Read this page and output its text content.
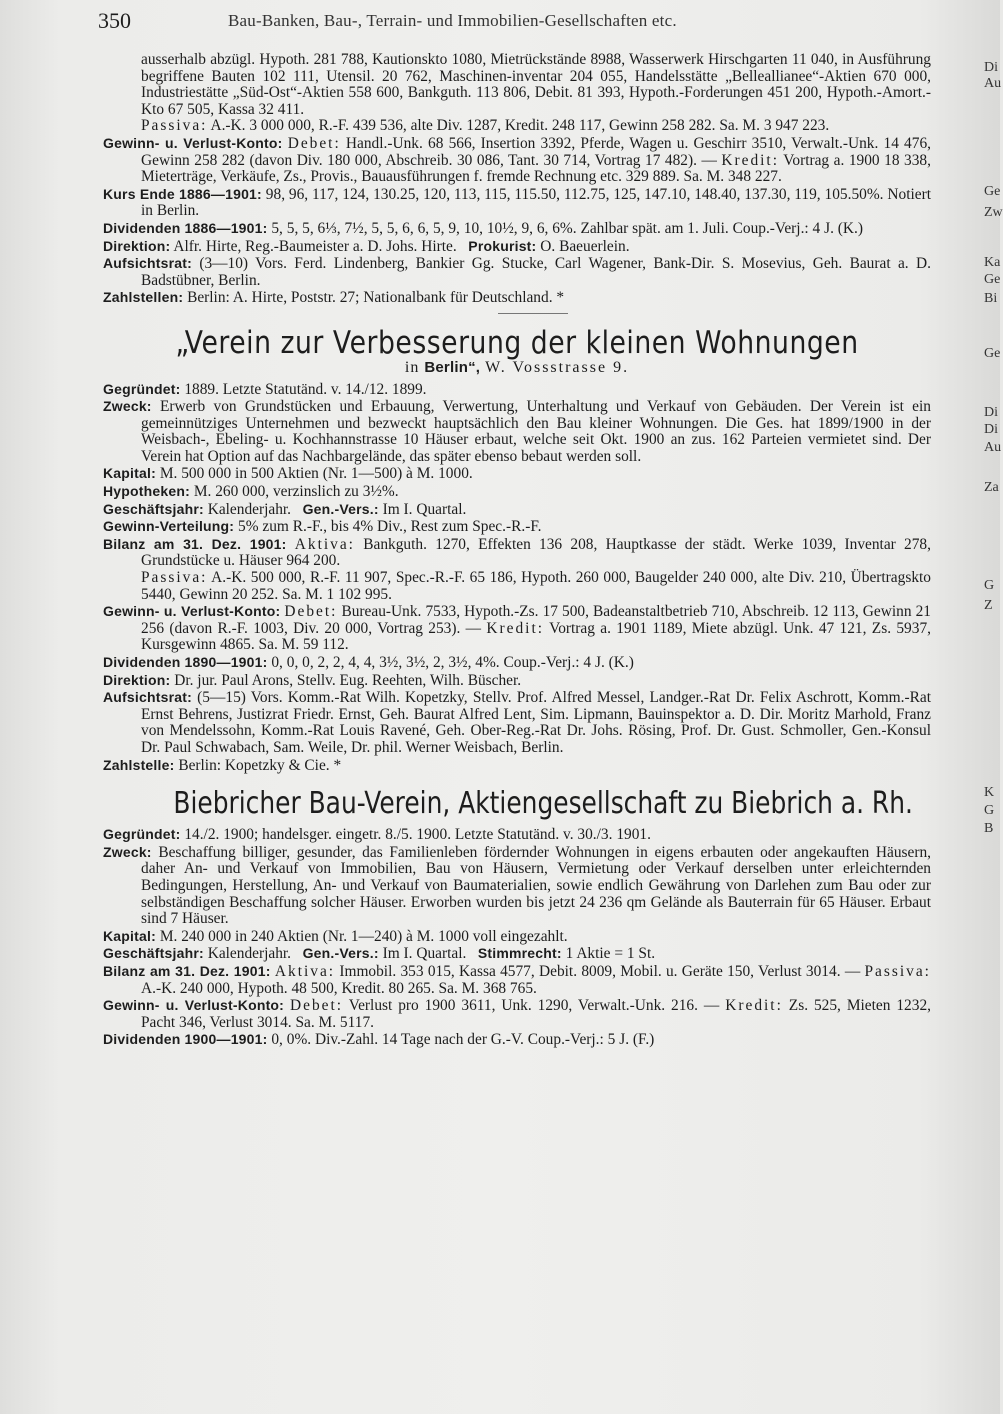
350	Bau-Banken, Bau-, Terrain- und Immobilien-Gesellschaften etc.

ausserhalb abzügl. Hypoth. 281 788, Kautionskto 1080, Mietrückstände 8988, Wasserwerk Hirschgarten 11 040, in Ausführung begriffene Bauten 102 111, Utensil. 20 762, Maschinen-inventar 204 055, Handelsstätte „Belleallianee“-Aktien 670 000, Industriestätte „Süd-Ost“-Aktien 558 600, Bankguth. 113 806, Debit. 81 393, Hypoth.-Forderungen 451 200, Hypoth.-Amort.-Kto 67 505, Kassa 32 411.

Passiva: A.-K. 3 000 000, R.-F. 439 536, alte Div. 1287, Kredit. 248 117, Gewinn 258 282. Sa. M. 3 947 223.

Gewinn- u. Verlust-Konto: Debet: Handl.-Unk. 68 566, Insertion 3392, Pferde, Wagen u. Geschirr 3510, Verwalt.-Unk. 14 476, Gewinn 258 282 (davon Div. 180 000, Abschreib. 30 086, Tant. 30 714, Vortrag 17 482). — Kredit: Vortrag a. 1900 18 338, Mieterträge, Verkäufe, Zs., Provis., Bauausführungen f. fremde Rechnung etc. 329 889. Sa. M. 348 227.

Kurs Ende 1886—1901: 98, 96, 117, 124, 130.25, 120, 113, 115, 115.50, 112.75, 125, 147.10, 148.40, 137.30, 119, 105.50%. Notiert in Berlin.

Dividenden 1886—1901: 5, 5, 5, 6⅓, 7½, 5, 5, 6, 6, 5, 9, 10, 10½, 9, 6, 6%. Zahlbar spät. am 1. Juli. Coup.-Verj.: 4 J. (K.)

Direktion: Alfr. Hirte, Reg.-Baumeister a. D. Johs. Hirte. Prokurist: O. Baeuerlein.

Aufsichtsrat: (3—10) Vors. Ferd. Lindenberg, Bankier Gg. Stucke, Carl Wagener, Bank-Dir. S. Mosevius, Geh. Baurat a. D. Badstübner, Berlin.

Zahlstellen: Berlin: A. Hirte, Poststr. 27; Nationalbank für Deutschland. *

„Verein zur Verbesserung der kleinen Wohnungen
in Berlin“, W. Vossstrasse 9.

Gegründet: 1889. Letzte Statutänd. v. 14./12. 1899.

Zweck: Erwerb von Grundstücken und Erbauung, Verwertung, Unterhaltung und Verkauf von Gebäuden. Der Verein ist ein gemeinnütziges Unternehmen und bezweckt hauptsächlich den Bau kleiner Wohnungen. Die Ges. hat 1899/1900 in der Weisbach-, Ebeling- u. Kochhannstrasse 10 Häuser erbaut, welche seit Okt. 1900 an zus. 162 Parteien vermietet sind. Der Verein hat Option auf das Nachbargelände, das später ebenso bebaut werden soll.

Kapital: M. 500 000 in 500 Aktien (Nr. 1—500) à M. 1000.

Hypotheken: M. 260 000, verzinslich zu 3½%.

Geschäftsjahr: Kalenderjahr. Gen.-Vers.: Im I. Quartal.

Gewinn-Verteilung: 5% zum R.-F., bis 4% Div., Rest zum Spec.-R.-F.

Bilanz am 31. Dez. 1901: Aktiva: Bankguth. 1270, Effekten 136 208, Hauptkasse der städt. Werke 1039, Inventar 278, Grundstücke u. Häuser 964 200.

Passiva: A.-K. 500 000, R.-F. 11 907, Spec.-R.-F. 65 186, Hypoth. 260 000, Baugelder 240 000, alte Div. 210, Übertragskto 5440, Gewinn 20 252. Sa. M. 1 102 995.

Gewinn- u. Verlust-Konto: Debet: Bureau-Unk. 7533, Hypoth.-Zs. 17 500, Badeanstaltbetrieb 710, Abschreib. 12 113, Gewinn 21 256 (davon R.-F. 1003, Div. 20 000, Vortrag 253). — Kredit: Vortrag a. 1901 1189, Miete abzügl. Unk. 47 121, Zs. 5937, Kursgewinn 4865. Sa. M. 59 112.

Dividenden 1890—1901: 0, 0, 0, 2, 2, 4, 4, 3½, 3½, 2, 3½, 4%. Coup.-Verj.: 4 J. (K.)

Direktion: Dr. jur. Paul Arons, Stellv. Eug. Reehten, Wilh. Büscher.

Aufsichtsrat: (5—15) Vors. Komm.-Rat Wilh. Kopetzky, Stellv. Prof. Alfred Messel, Landger.-Rat Dr. Felix Aschrott, Komm.-Rat Ernst Behrens, Justizrat Friedr. Ernst, Geh. Baurat Alfred Lent, Sim. Lipmann, Bauinspektor a. D. Dir. Moritz Marhold, Franz von Mendelssohn, Komm.-Rat Louis Ravené, Geh. Ober-Reg.-Rat Dr. Johs. Rösing, Prof. Dr. Gust. Schmoller, Gen.-Konsul Dr. Paul Schwabach, Sam. Weile, Dr. phil. Werner Weisbach, Berlin.

Zahlstelle: Berlin: Kopetzky & Cie. *

Biebricher Bau-Verein, Aktiengesellschaft zu Biebrich a. Rh.

Gegründet: 14./2. 1900; handelsger. eingetr. 8./5. 1900. Letzte Statutänd. v. 30./3. 1901.

Zweck: Beschaffung billiger, gesunder, das Familienleben fördernder Wohnungen in eigens erbauten oder angekauften Häusern, daher An- und Verkauf von Immobilien, Bau von Häusern, Vermietung oder Verkauf derselben unter erleichternden Bedingungen, Herstellung, An- und Verkauf von Baumaterialien, sowie endlich Gewährung von Darlehen zum Bau oder zur selbständigen Beschaffung solcher Häuser. Erworben wurden bis jetzt 24 236 qm Gelände als Bauterrain für 65 Häuser. Erbaut sind 7 Häuser.

Kapital: M. 240 000 in 240 Aktien (Nr. 1—240) à M. 1000 voll eingezahlt.

Geschäftsjahr: Kalenderjahr. Gen.-Vers.: Im I. Quartal. Stimmrecht: 1 Aktie = 1 St.

Bilanz am 31. Dez. 1901: Aktiva: Immobil. 353 015, Kassa 4577, Debit. 8009, Mobil. u. Geräte 150, Verlust 3014. — Passiva: A.-K. 240 000, Hypoth. 48 500, Kredit. 80 265. Sa. M. 368 765.

Gewinn- u. Verlust-Konto: Debet: Verlust pro 1900 3611, Unk. 1290, Verwalt.-Unk. 216. — Kredit: Zs. 525, Mieten 1232, Pacht 346, Verlust 3014. Sa. M. 5117.

Dividenden 1900—1901: 0, 0%. Div.-Zahl. 14 Tage nach der G.-V. Coup.-Verj.: 5 J. (F.)

Di
Au
Ge
Zw
Ka
Ge
Bi
Ge
Di
Di
Au
Za
G
Z
K
G
B
